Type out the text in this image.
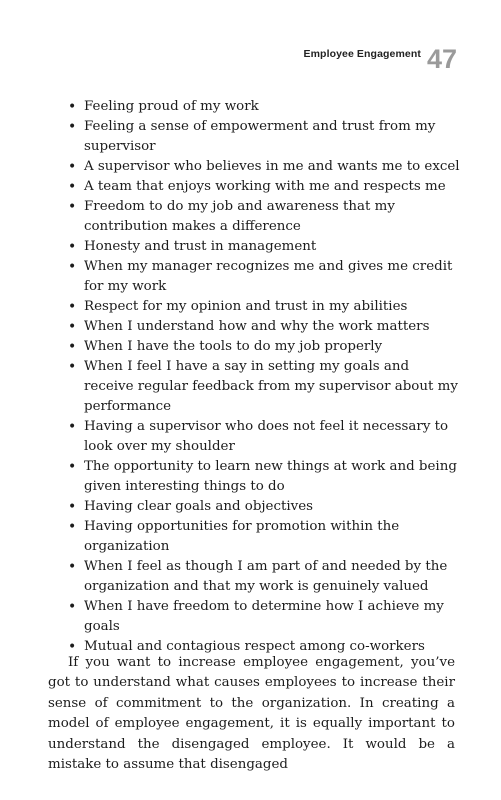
Employee Engagement 47
• Feeling proud of my work
• Feeling a sense of empowerment and trust from my supervisor
• A supervisor who believes in me and wants me to excel
• A team that enjoys working with me and respects me
• Freedom to do my job and awareness that my contribution makes a difference
• Honesty and trust in management
• When my manager recognizes me and gives me credit for my work
• Respect for my opinion and trust in my abilities
• When I understand how and why the work matters
• When I have the tools to do my job properly
• When I feel I have a say in setting my goals and receive regular feedback from my supervisor about my performance
• Having a supervisor who does not feel it necessary to look over my shoulder
• The opportunity to learn new things at work and being given interesting things to do
• Having clear goals and objectives
• Having opportunities for promotion within the organization
• When I feel as though I am part of and needed by the organization and that my work is genuinely valued
• When I have freedom to determine how I achieve my goals
• Mutual and contagious respect among co-workers

If you want to increase employee engagement, you’ve got to understand what causes employees to increase their sense of commitment to the organization. In creating a model of employee engagement, it is equally important to understand the disengaged employee. It would be a mistake to assume that disengaged
